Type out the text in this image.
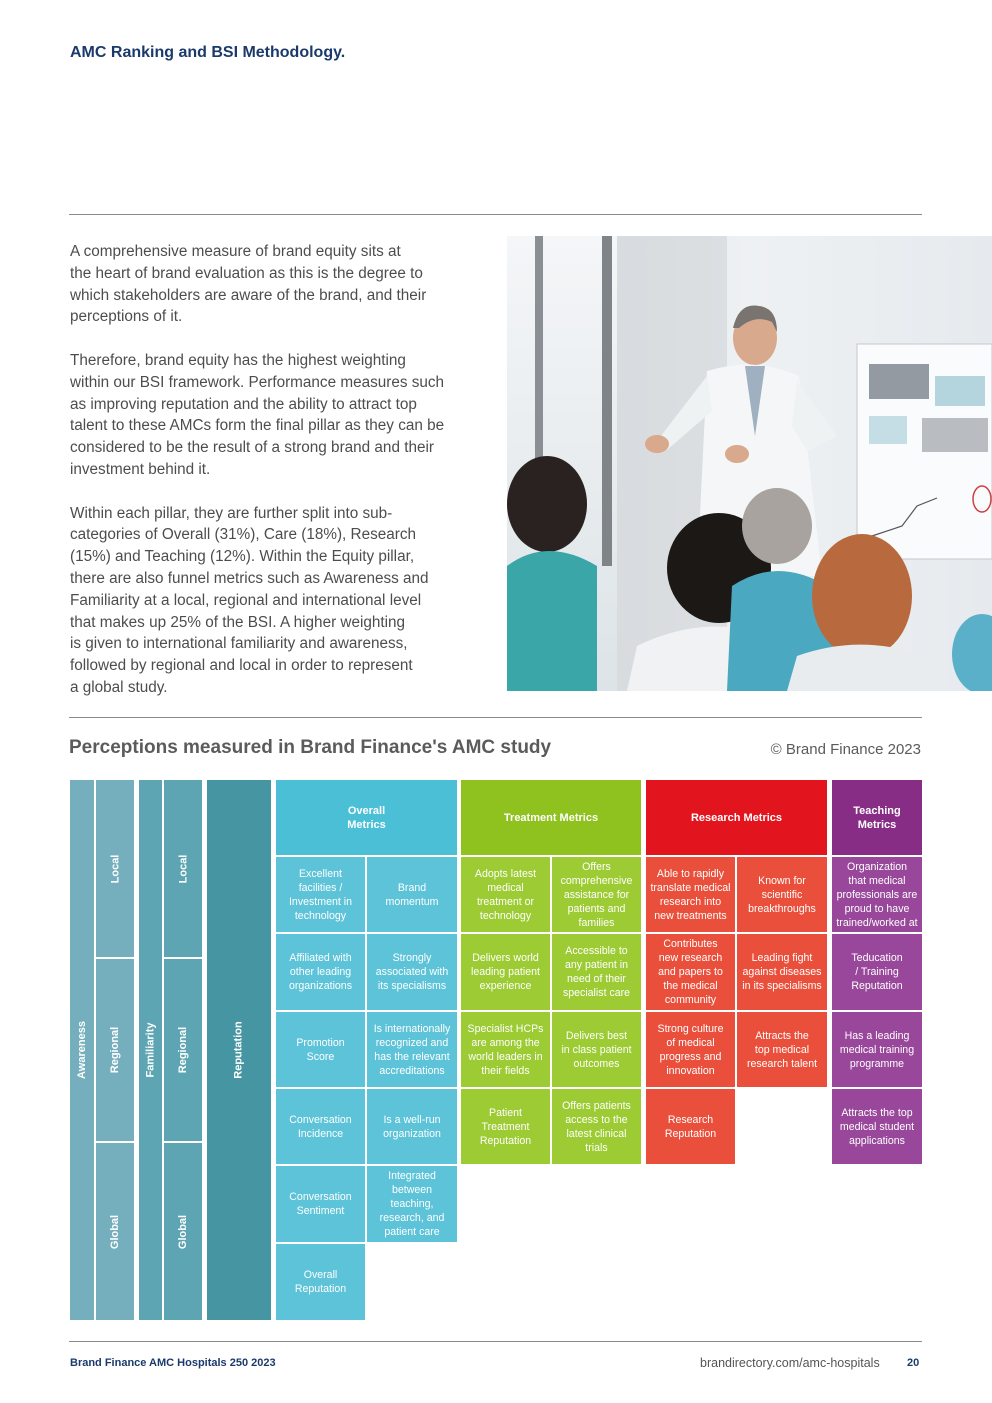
AMC Ranking and BSI Methodology.

A comprehensive measure of brand equity sits at
the heart of brand evaluation as this is the degree to
which stakeholders are aware of the brand, and their
perceptions of it.

Therefore, brand equity has the highest weighting
within our BSI framework. Performance measures such
as improving reputation and the ability to attract top
talent to these AMCs form the final pillar as they can be
considered to be the result of a strong brand and their
investment behind it.

Within each pillar, they are further split into sub-
categories of Overall (31%), Care (18%), Research
(15%) and Teaching (12%). Within the Equity pillar,
there are also funnel metrics such as Awareness and
Familiarity at a local, regional and international level
that makes up 25% of the BSI. A higher weighting
is given to international familiarity and awareness,
followed by regional and local in order to represent
a global study.

Perceptions measured in Brand Finance's AMC study	© Brand Finance 2023
Awareness
Local
Regional
Global
Familiarity
Local
Regional
Global
Reputation
Overall
Metrics
Excellent
facilities /
Investment in
technology
Brand
momentum
Affiliated with
other leading
organizations
Strongly
associated with
its specialisms
Promotion
Score
Is internationally
recognized and
has the relevant
accreditations
Conversation
Incidence
Is a well-run
organization
Conversation
Sentiment
Integrated
between
teaching,
research, and
patient care
Overall
Reputation
Treatment Metrics
Adopts latest
medical
treatment or
technology
Offers
comprehensive
assistance for
patients and
families
Delivers world
leading patient
experience
Accessible to
any patient in
need of their
specialist care
Specialist HCPs
are among the
world leaders in
their fields
Delivers best
in class patient
outcomes
Patient
Treatment
Reputation
Offers patients
access to the
latest clinical
trials
Research Metrics
Able to rapidly
translate medical
research into
new treatments
Known for
scientific
breakthroughs
Contributes
new research
and papers to
the medical
community
Leading fight
against diseases
in its specialisms
Strong culture
of medical
progress and
innovation
Attracts the
top medical
research talent
Research
Reputation
Teaching
Metrics
Organization
that medical
professionals are
proud to have
trained/worked at
Teducation
/ Training
Reputation
Has a leading
medical training
programme
Attracts the top
medical student
applications
Brand Finance AMC Hospitals 250 2023	brandirectory.com/amc-hospitals 20
